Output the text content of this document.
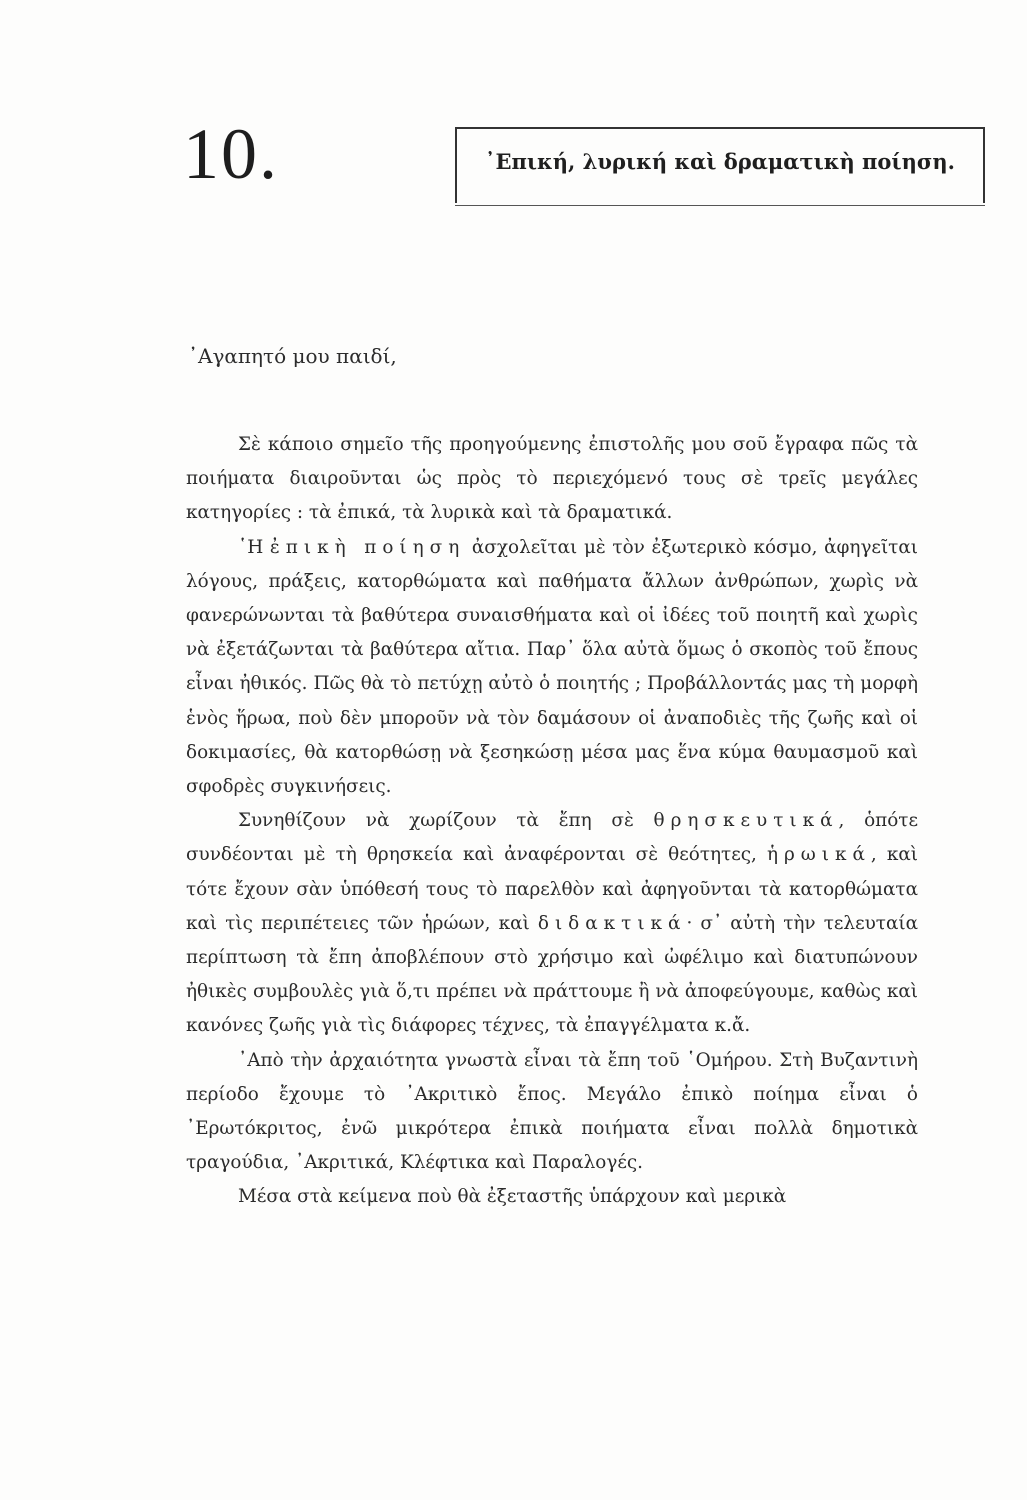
10.	᾿Επική, λυρική καὶ δραματικὴ ποίηση.
᾿Αγαπητό μου παιδί,

Σὲ κάποιο σημεῖο τῆς προηγούμενης ἐπιστολῆς μου σοῦ ἔγραφα πῶς τὰ ποιήματα διαιροῦνται ὡς πρὸς τὸ περιεχόμενό τους σὲ τρεῖς μεγάλες κατηγορίες : τὰ ἐπικά, τὰ λυρικὰ καὶ τὰ δραματικά.

῾Η ἐπικὴ ποίηση ἀσχολεῖται μὲ τὸν ἐξωτερικὸ κόσμο, ἀφηγεῖται λόγους, πράξεις, κατορθώματα καὶ παθήματα ἄλλων ἀνθρώπων, χωρὶς νὰ φανερώνωνται τὰ βαθύτερα συναισθήματα καὶ οἱ ἰδέες τοῦ ποιητῆ καὶ χωρὶς νὰ ἐξετάζωνται τὰ βαθύτερα αἴτια. Παρ᾿ ὅλα αὐτὰ ὅμως ὁ σκοπὸς τοῦ ἔπους εἶναι ἠθικός. Πῶς θὰ τὸ πετύχῃ αὐτὸ ὁ ποιητής ; Προβάλλοντάς μας τὴ μορφὴ ἑνὸς ἥρωα, ποὺ δὲν μποροῦν νὰ τὸν δαμάσουν οἱ ἀναποδιὲς τῆς ζωῆς καὶ οἱ δοκιμασίες, θὰ κατορθώσῃ νὰ ξεσηκώσῃ μέσα μας ἕνα κύμα θαυμασμοῦ καὶ σφοδρὲς συγκινήσεις.

Συνηθίζουν νὰ χωρίζουν τὰ ἔπη σὲ θρησκευτικά, ὁπότε συνδέονται μὲ τὴ θρησκεία καὶ ἀναφέρονται σὲ θεότητες, ἡρωικά, καὶ τότε ἔχουν σὰν ὑπόθεσή τους τὸ παρελθὸν καὶ ἀφηγοῦνται τὰ κατορθώματα καὶ τὶς περιπέτειες τῶν ἡρώων, καὶ διδακτικά· σ᾿ αὐτὴ τὴν τελευταία περίπτωση τὰ ἔπη ἀποβλέπουν στὸ χρήσιμο καὶ ὠφέλιμο καὶ διατυπώνουν ἠθικὲς συμβουλὲς γιὰ ὅ,τι πρέπει νὰ πράττουμε ἢ νὰ ἀποφεύγουμε, καθὼς καὶ κανόνες ζωῆς γιὰ τὶς διάφορες τέχνες, τὰ ἐπαγγέλματα κ.ἄ.

᾿Απὸ τὴν ἀρχαιότητα γνωστὰ εἶναι τὰ ἔπη τοῦ ῾Ομήρου. Στὴ Βυζαντινὴ περίοδο ἔχουμε τὸ ᾿Ακριτικὸ ἔπος. Μεγάλο ἐπικὸ ποίημα εἶναι ὁ ᾿Ερωτόκριτος, ἐνῶ μικρότερα ἐπικὰ ποιήματα εἶναι πολλὰ δημοτικὰ τραγούδια, ᾿Ακριτικά, Κλέφτικα καὶ Παραλογές.

Μέσα στὰ κείμενα ποὺ θὰ ἐξεταστῆς ὑπάρχουν καὶ μερικὰ
